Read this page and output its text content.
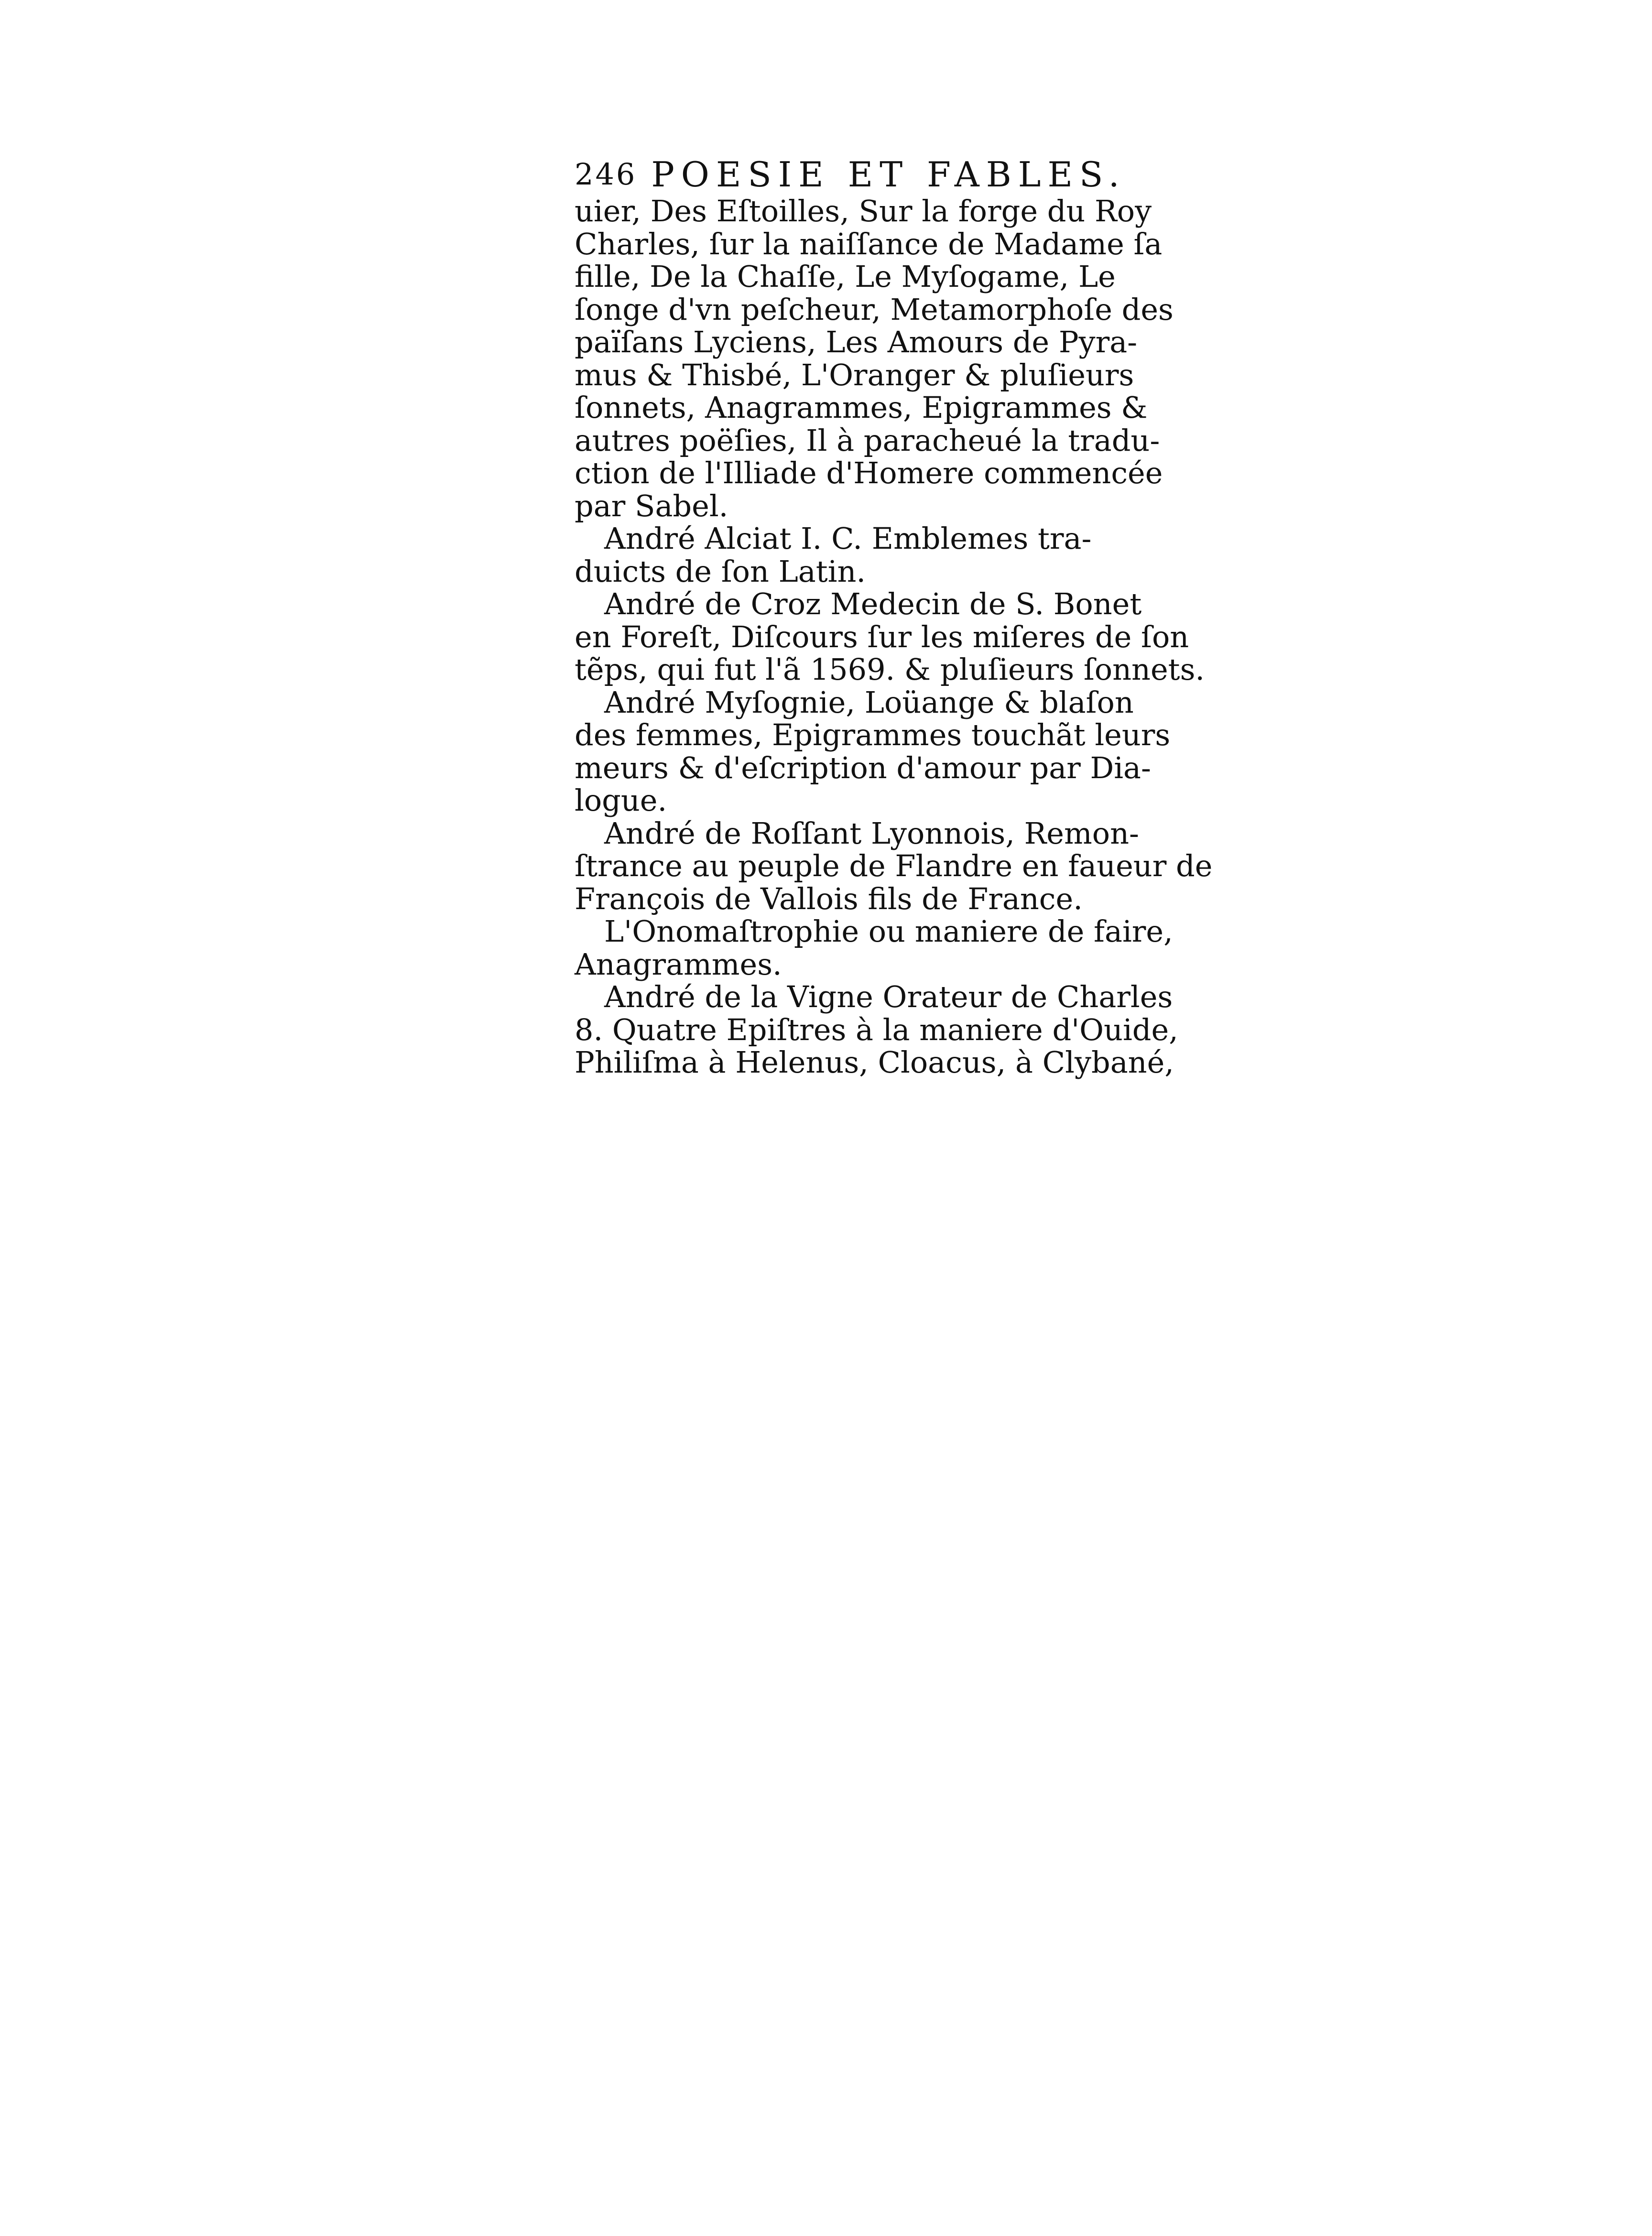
246 POESIE ET FABLES.
uier, Des Eſtoilles, Sur la forge du Roy
Charles, ſur la naiſſance de Madame ſa
fille, De la Chaſſe, Le Myſogame, Le
ſonge d'vn peſcheur, Metamorphoſe des
païſans Lyciens, Les Amours de Pyra-
mus & Thisbé, L'Oranger & pluſieurs
ſonnets, Anagrammes, Epigrammes &
autres poëſies, Il à paracheué la tradu-
ction de l'Illiade d'Homere commencée
par Sabel.
André Alciat I. C. Emblemes tra-
duicts de ſon Latin.
André de Croz Medecin de S. Bonet
en Foreſt, Diſcours ſur les miſeres de ſon
tẽps, qui fut l'ã 1569. & pluſieurs ſonnets.
André Myſognie, Loüange & blaſon
des femmes, Epigrammes touchãt leurs
meurs & d'eſcription d'amour par Dia-
logue.
André de Roſſant Lyonnois, Remon-
ſtrance au peuple de Flandre en faueur de
François de Vallois fils de France.
L'Onomaſtrophie ou maniere de faire,
Anagrammes.
André de la Vigne Orateur de Charles
8. Quatre Epiſtres à la maniere d'Ouide,
Philiſma à Helenus, Cloacus, à Clybané,
